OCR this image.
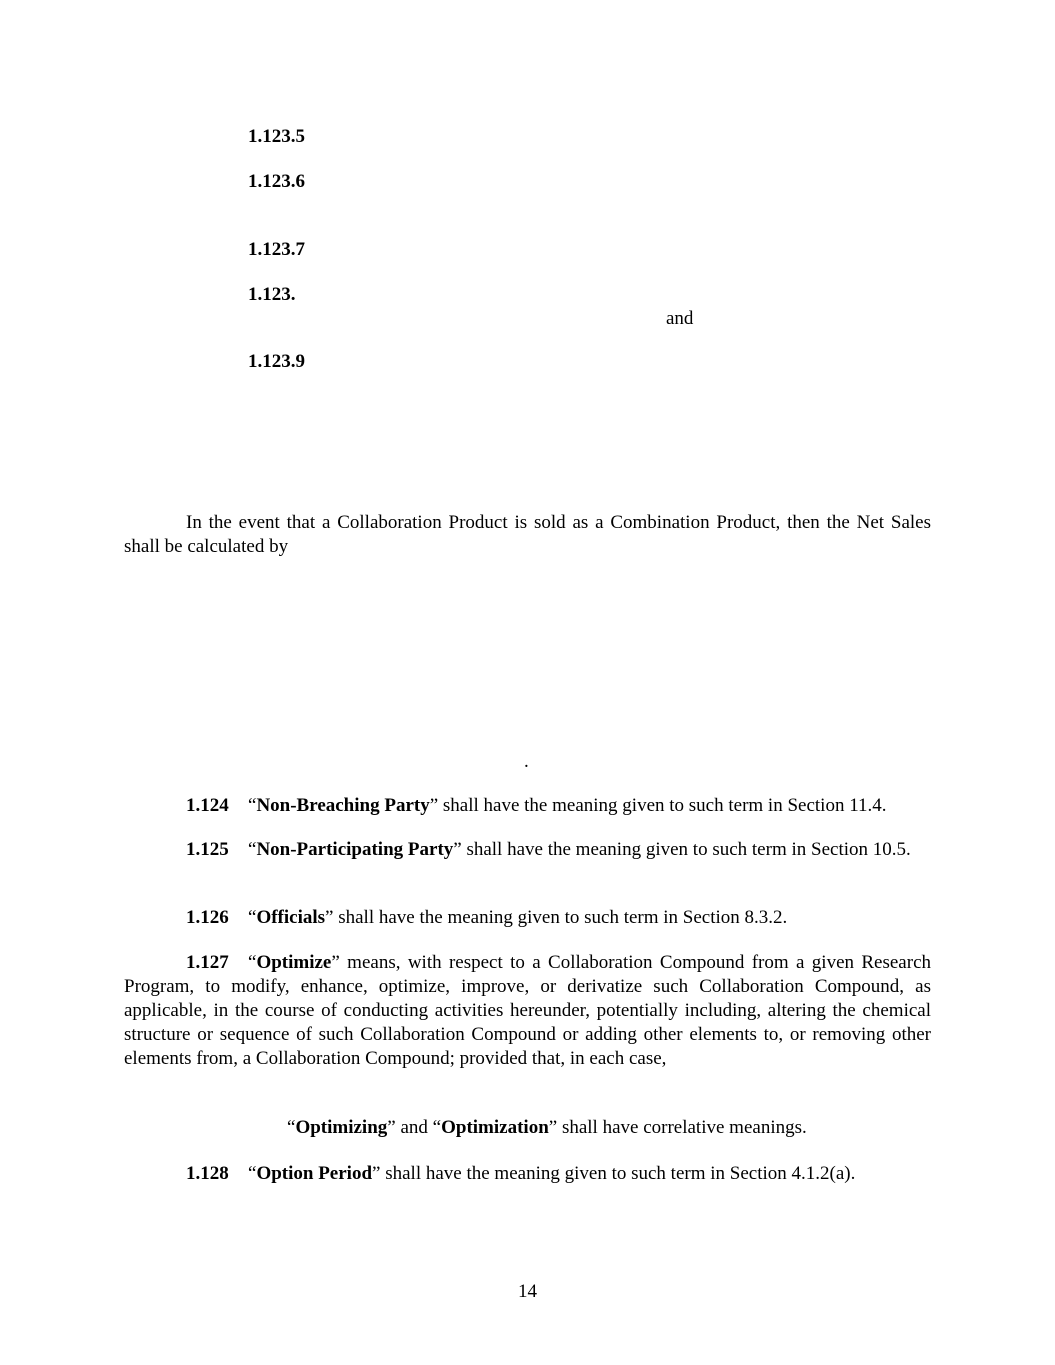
1.123.5
1.123.6
1.123.7
1.123.
and
1.123.9
In the event that a Collaboration Product is sold as a Combination Product, then the Net Sales shall be calculated by
.
1.124 “Non-Breaching Party” shall have the meaning given to such term in Section 11.4.
1.125 “Non-Participating Party” shall have the meaning given to such term in Section 10.5.
1.126 “Officials” shall have the meaning given to such term in Section 8.3.2.
1.127 “Optimize” means, with respect to a Collaboration Compound from a given Research Program, to modify, enhance, optimize, improve, or derivatize such Collaboration Compound, as applicable, in the course of conducting activities hereunder, potentially including, altering the chemical structure or sequence of such Collaboration Compound or adding other elements to, or removing other elements from, a Collaboration Compound; provided that, in each case,
“Optimizing” and “Optimization” shall have correlative meanings.
1.128 “Option Period” shall have the meaning given to such term in Section 4.1.2(a).
14
